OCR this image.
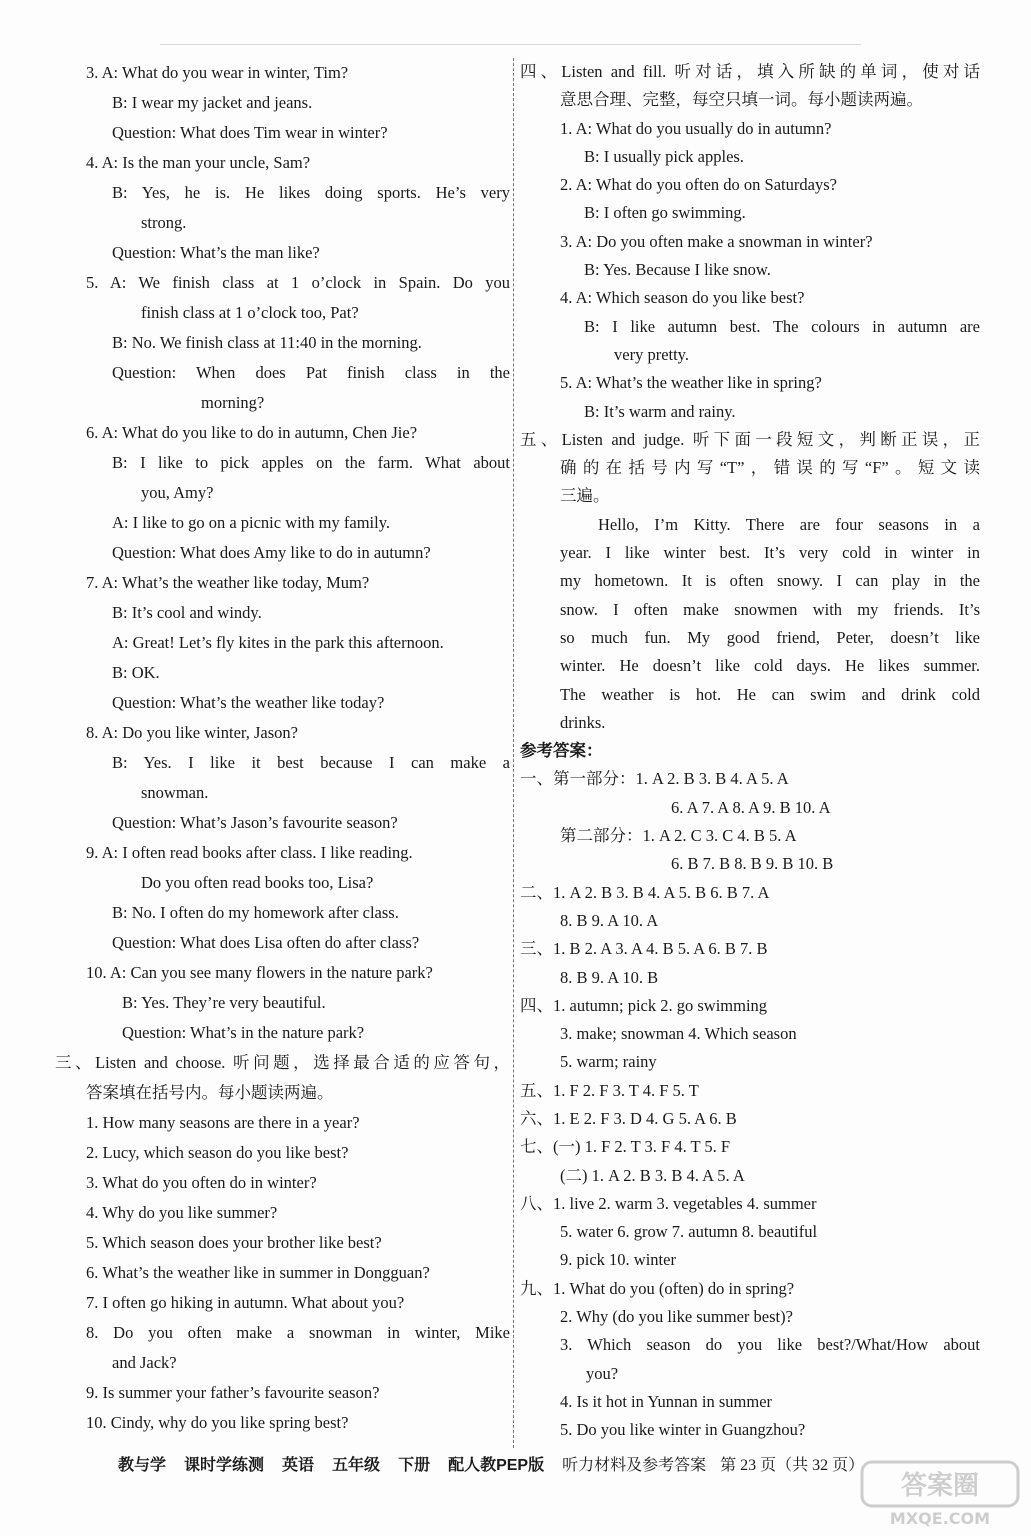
3. A: What do you wear in winter, Tim?
B: I wear my jacket and jeans.
Question: What does Tim wear in winter?
4. A: Is the man your uncle, Sam?
B: Yes, he is. He likes doing sports. He’s very
strong.
Question: What’s the man like?
5. A: We finish class at 1 o’clock in Spain. Do you
finish class at 1 o’clock too, Pat?
B: No. We finish class at 11:40 in the morning.
Question: When does Pat finish class in the
morning?
6. A: What do you like to do in autumn, Chen Jie?
B: I like to pick apples on the farm. What about
you, Amy?
A: I like to go on a picnic with my family.
Question: What does Amy like to do in autumn?
7. A: What’s the weather like today, Mum?
B: It’s cool and windy.
A: Great! Let’s fly kites in the park this afternoon.
B: OK.
Question: What’s the weather like today?
8. A: Do you like winter, Jason?
B: Yes. I like it best because I can make a
snowman.
Question: What’s Jason’s favourite season?
9. A: I often read books after class. I like reading.
Do you often read books too, Lisa?
B: No. I often do my homework after class.
Question: What does Lisa often do after class?
10. A: Can you see many flowers in the nature park?
B: Yes. They’re very beautiful.
Question: What’s in the nature park?
三、Listen and choose. 听问题，选择最合适的应答句，
答案填在括号内。每小题读两遍。
1. How many seasons are there in a year?
2. Lucy, which season do you like best?
3. What do you often do in winter?
4. Why do you like summer?
5. Which season does your brother like best?
6. What’s the weather like in summer in Dongguan?
7. I often go hiking in autumn. What about you?
8. Do you often make a snowman in winter, Mike
and Jack?
9. Is summer your father’s favourite season?
10. Cindy, why do you like spring best?
四、Listen and fill. 听对话，填入所缺的单词，使对话
意思合理、完整，每空只填一词。每小题读两遍。
1. A: What do you usually do in autumn?
B: I usually pick apples.
2. A: What do you often do on Saturdays?
B: I often go swimming.
3. A: Do you often make a snowman in winter?
B: Yes. Because I like snow.
4. A: Which season do you like best?
B: I like autumn best. The colours in autumn are
very pretty.
5. A: What’s the weather like in spring?
B: It’s warm and rainy.
五、Listen and judge. 听下面一段短文，判断正误，正
确的在括号内写“T”，错误的写“F”。短文读
三遍。
Hello, I’m Kitty. There are four seasons in a
year. I like winter best. It’s very cold in winter in
my hometown. It is often snowy. I can play in the
snow. I often make snowmen with my friends. It’s
so much fun. My good friend, Peter, doesn’t like
winter. He doesn’t like cold days. He likes summer.
The weather is hot. He can swim and drink cold
drinks.
参考答案：
一、第一部分：1. A 2. B 3. B 4. A 5. A
6. A 7. A 8. A 9. B 10. A
第二部分：1. A 2. C 3. C 4. B 5. A
6. B 7. B 8. B 9. B 10. B
二、1. A 2. B 3. B 4. A 5. B 6. B 7. A
8. B 9. A 10. A
三、1. B 2. A 3. A 4. B 5. A 6. B 7. B
8. B 9. A 10. B
四、1. autumn; pick 2. go swimming
3. make; snowman 4. Which season
5. warm; rainy
五、1. F 2. F 3. T 4. F 5. T
六、1. E 2. F 3. D 4. G 5. A 6. B
七、(一) 1. F 2. T 3. F 4. T 5. F
(二) 1. A 2. B 3. B 4. A 5. A
八、1. live 2. warm 3. vegetables 4. summer
5. water 6. grow 7. autumn 8. beautiful
9. pick 10. winter
九、1. What do you (often) do in spring?
2. Why (do you like summer best)?
3. Which season do you like best?/What/How about
you?
4. Is it hot in Yunnan in summer
5. Do you like winter in Guangzhou?
教与学 课时学练测 英语 五年级 下册 配人教PEP版 听力材料及参考答案 第 23 页（共 32 页）
答案圈
MXQE.COM
